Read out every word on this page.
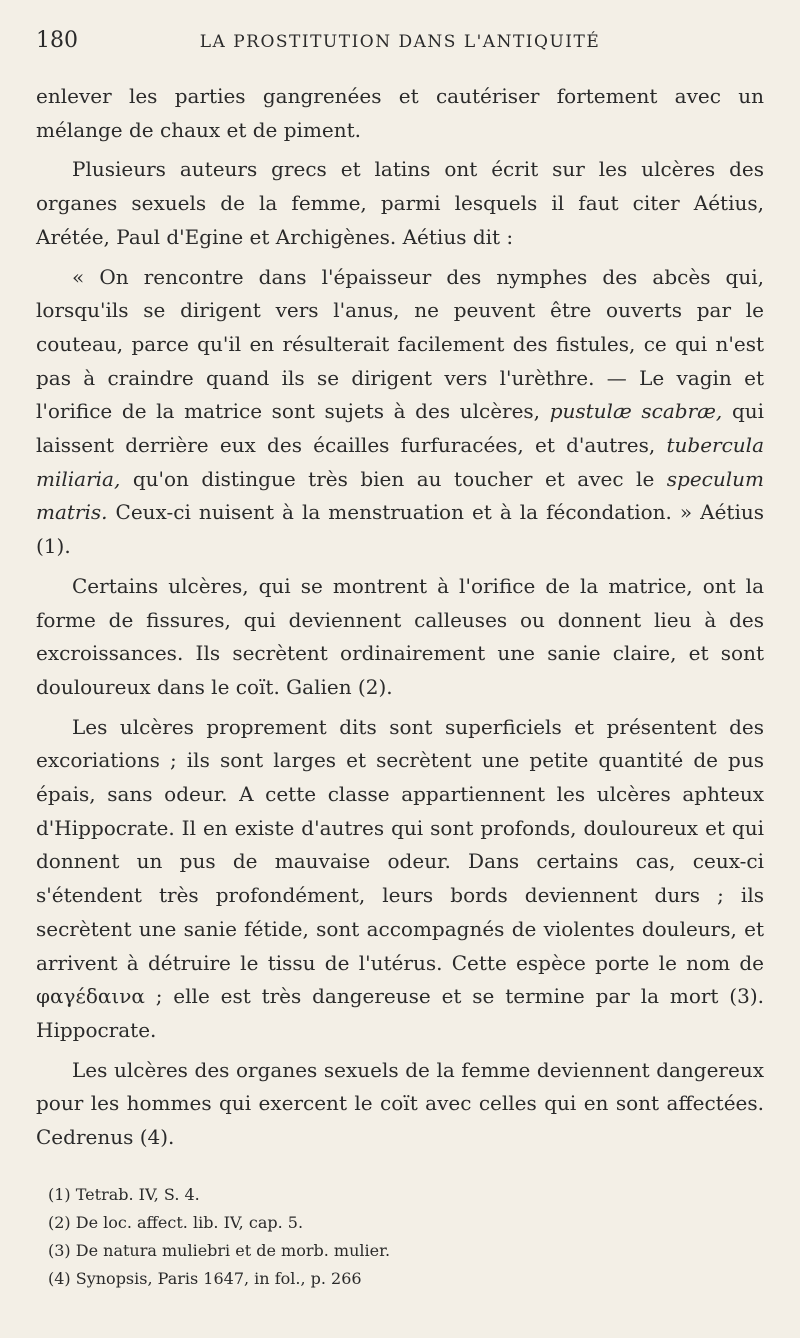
180	LA PROSTITUTION DANS L'ANTIQUITÉ

enlever les parties gangrenées et cautériser fortement avec un mélange de chaux et de piment.

Plusieurs auteurs grecs et latins ont écrit sur les ulcères des organes sexuels de la femme, parmi lesquels il faut citer Aétius, Arétée, Paul d'Egine et Archigènes. Aétius dit :

« On rencontre dans l'épaisseur des nymphes des abcès qui, lorsqu'ils se dirigent vers l'anus, ne peuvent être ouverts par le couteau, parce qu'il en résulterait facilement des fistules, ce qui n'est pas à craindre quand ils se dirigent vers l'urèthre. — Le vagin et l'orifice de la matrice sont sujets à des ulcères, pustulæ scabræ, qui laissent derrière eux des écailles furfuracées, et d'autres, tubercula miliaria, qu'on distingue très bien au toucher et avec le speculum matris. Ceux-ci nuisent à la menstruation et à la fécondation. » Aétius (1).

Certains ulcères, qui se montrent à l'orifice de la matrice, ont la forme de fissures, qui deviennent calleuses ou donnent lieu à des excroissances. Ils secrètent ordinairement une sanie claire, et sont douloureux dans le coït. Galien (2).

Les ulcères proprement dits sont superficiels et présentent des excoriations ; ils sont larges et secrètent une petite quantité de pus épais, sans odeur. A cette classe appartiennent les ulcères aphteux d'Hippocrate. Il en existe d'autres qui sont profonds, douloureux et qui donnent un pus de mauvaise odeur. Dans certains cas, ceux-ci s'étendent très profondément, leurs bords deviennent durs ; ils secrètent une sanie fétide, sont accompagnés de violentes douleurs, et arrivent à détruire le tissu de l'utérus. Cette espèce porte le nom de φαγέδαινα ; elle est très dangereuse et se termine par la mort (3). Hippocrate.

Les ulcères des organes sexuels de la femme deviennent dangereux pour les hommes qui exercent le coït avec celles qui en sont affectées. Cedrenus (4).

(1) Tetrab. IV, S. 4.

(2) De loc. affect. lib. IV, cap. 5.

(3) De natura muliebri et de morb. mulier.

(4) Synopsis, Paris 1647, in fol., p. 266
